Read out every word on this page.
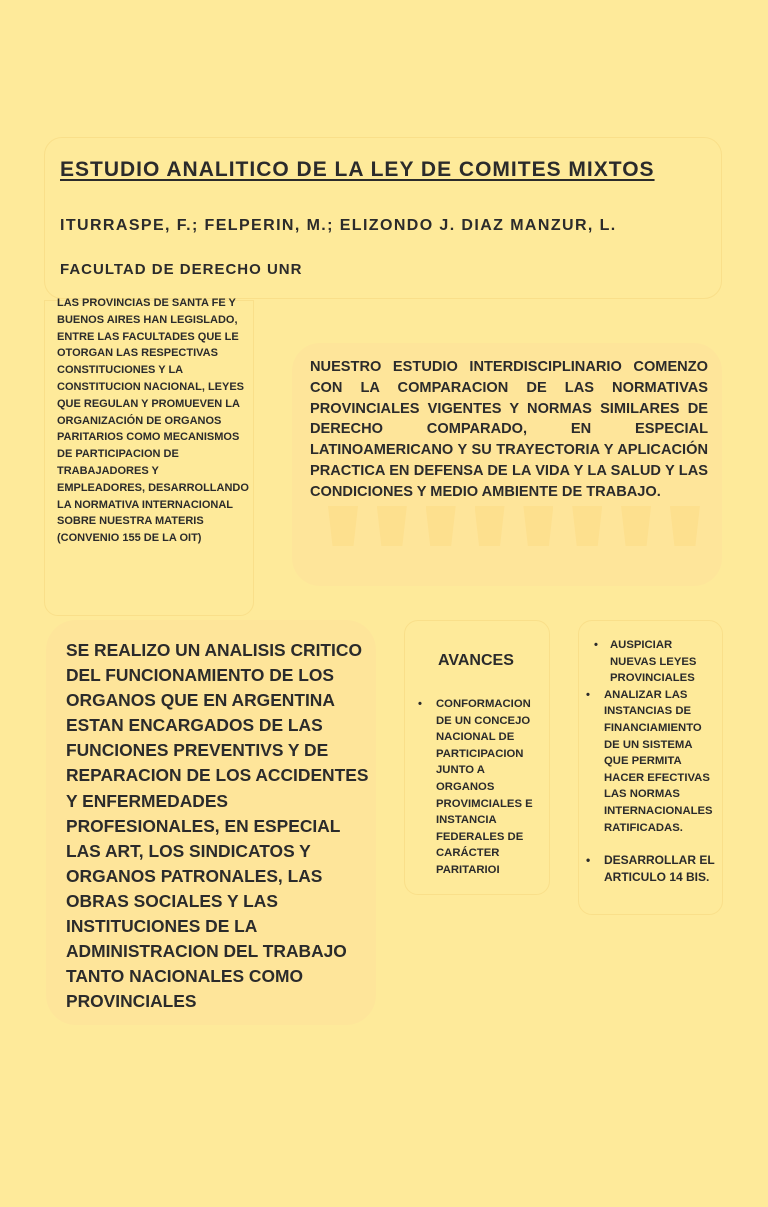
ESTUDIO ANALITICO DE LA LEY DE COMITES MIXTOS

ITURRASPE, F.; FELPERIN, M.; ELIZONDO J. DIAZ MANZUR, L.

FACULTAD DE DERECHO UNR

LAS PROVINCIAS DE SANTA FE Y BUENOS AIRES HAN LEGISLADO, ENTRE LAS FACULTADES QUE LE OTORGAN LAS RESPECTIVAS CONSTITUCIONES Y LA CONSTITUCION NACIONAL, LEYES QUE REGULAN Y PROMUEVEN LA ORGANIZACIÓN DE ORGANOS PARITARIOS COMO MECANISMOS DE PARTICIPACION DE TRABAJADORES Y EMPLEADORES, DESARROLLANDO LA NORMATIVA INTERNACIONAL SOBRE NUESTRA MATERIS (CONVENIO 155 DE LA OIT)

NUESTRO ESTUDIO INTERDISCIPLINARIO COMENZO CON LA COMPARACION DE LAS NORMATIVAS PROVINCIALES VIGENTES Y NORMAS SIMILARES DE DERECHO COMPARADO, EN ESPECIAL LATINOAMERICANO Y SU TRAYECTORIA Y APLICACIÓN PRACTICA EN DEFENSA DE LA VIDA Y LA SALUD Y LAS CONDICIONES Y MEDIO AMBIENTE DE TRABAJO.

SE REALIZO UN ANALISIS CRITICO DEL FUNCIONAMIENTO DE LOS ORGANOS QUE EN ARGENTINA ESTAN ENCARGADOS DE LAS FUNCIONES PREVENTIVS Y DE REPARACION DE LOS ACCIDENTES Y ENFERMEDADES PROFESIONALES, EN ESPECIAL LAS ART, LOS SINDICATOS Y ORGANOS PATRONALES, LAS OBRAS SOCIALES Y LAS INSTITUCIONES DE LA ADMINISTRACION DEL TRABAJO TANTO NACIONALES COMO PROVINCIALES

AVANCES
• CONFORMACION DE UN CONCEJO NACIONAL DE PARTICIPACION JUNTO A ORGANOS PROVIMCIALES E INSTANCIA FEDERALES DE CARÁCTER PARITARIOI
• AUSPICIAR NUEVAS LEYES PROVINCIALES
• ANALIZAR LAS INSTANCIAS DE FINANCIAMIENTO DE UN SISTEMA QUE PERMITA HACER EFECTIVAS LAS NORMAS INTERNACIONALES RATIFICADAS.
• DESARROLLAR EL ARTICULO 14 BIS.
